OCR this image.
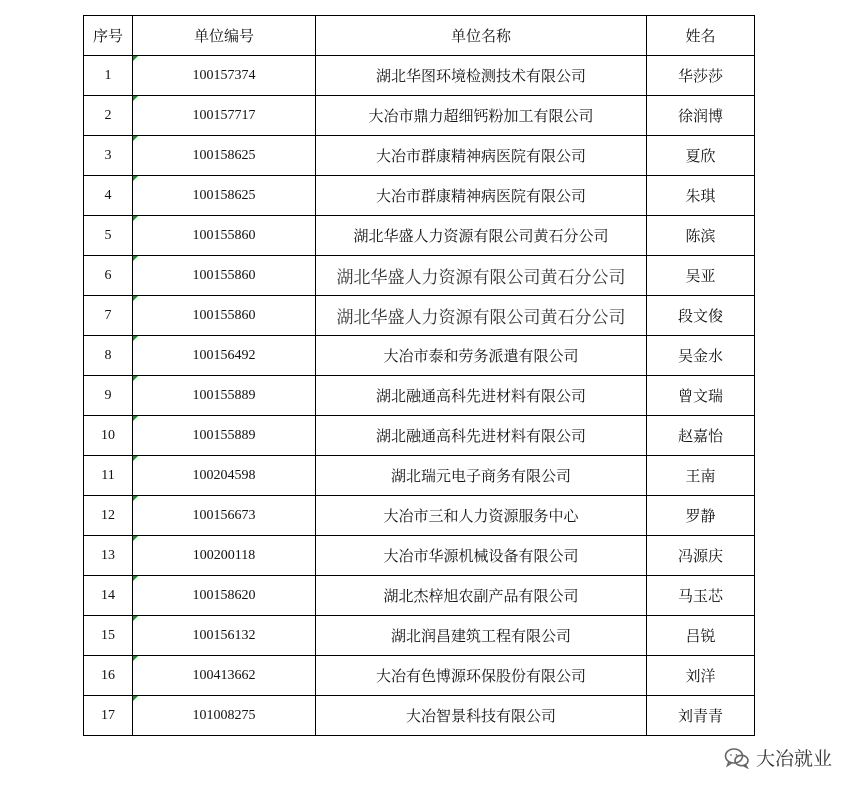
序号	单位编号	单位名称	姓名
1	100157374	湖北华图环境检测技术有限公司	华莎莎
2	100157717	大冶市鼎力超细钙粉加工有限公司	徐润博
3	100158625	大冶市群康精神病医院有限公司	夏欣
4	100158625	大冶市群康精神病医院有限公司	朱琪
5	100155860	湖北华盛人力资源有限公司黄石分公司	陈滨
6	100155860	湖北华盛人力资源有限公司黄石分公司	吴亚
7	100155860	湖北华盛人力资源有限公司黄石分公司	段文俊
8	100156492	大冶市泰和劳务派遣有限公司	吴金水
9	100155889	湖北融通高科先进材料有限公司	曾文瑞
10	100155889	湖北融通高科先进材料有限公司	赵嘉怡
11	100204598	湖北瑞元电子商务有限公司	王南
12	100156673	大冶市三和人力资源服务中心	罗静
13	100200118	大冶市华源机械设备有限公司	冯源庆
14	100158620	湖北杰梓旭农副产品有限公司	马玉芯
15	100156132	湖北润昌建筑工程有限公司	吕锐
16	100413662	大冶有色博源环保股份有限公司	刘洋
17	101008275	大冶智景科技有限公司	刘青青
大冶就业
